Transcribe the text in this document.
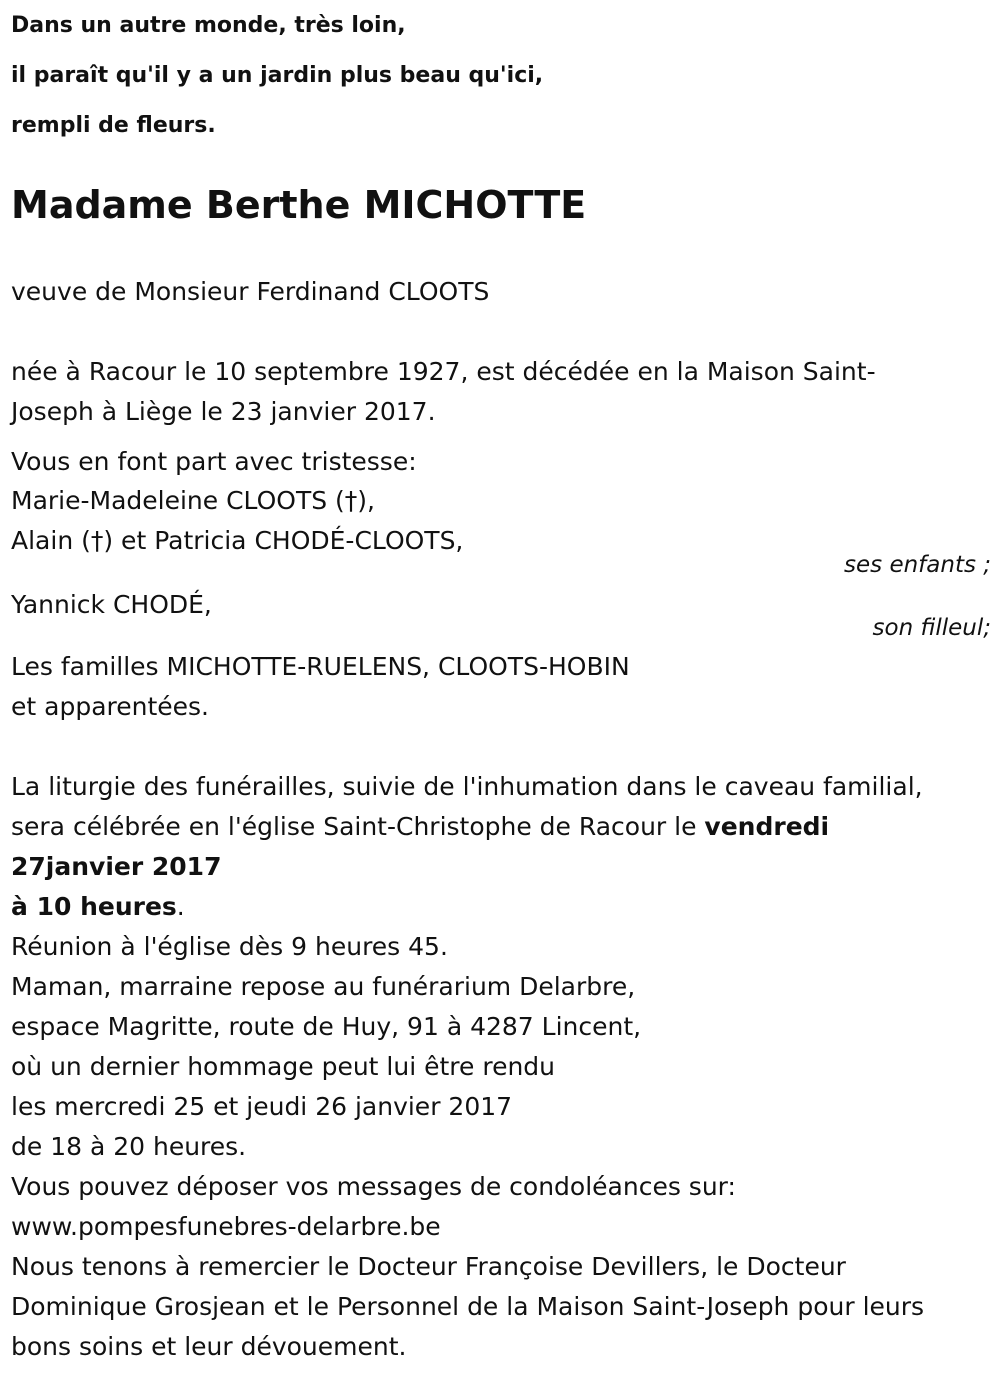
Dans un autre monde, très loin,
il paraît qu'il y a un jardin plus beau qu'ici,
rempli de fleurs.
Madame Berthe MICHOTTE
veuve de Monsieur Ferdinand CLOOTS
née à Racour le 10 septembre 1927, est décédée en la Maison Saint-
Joseph à Liège le 23 janvier 2017.
Vous en font part avec tristesse:
Marie-Madeleine CLOOTS (†),
Alain (†) et Patricia CHODÉ-CLOOTS,
ses enfants ;
Yannick CHODÉ,
son filleul;
Les familles MICHOTTE-RUELENS, CLOOTS-HOBIN
et apparentées.
La liturgie des funérailles, suivie de l'inhumation dans le caveau familial,
sera célébrée en l'église Saint-Christophe de Racour le vendredi
27janvier 2017
à 10 heures.
Réunion à l'église dès 9 heures 45.
Maman, marraine repose au funérarium Delarbre,
espace Magritte, route de Huy, 91 à 4287 Lincent,
où un dernier hommage peut lui être rendu
les mercredi 25 et jeudi 26 janvier 2017
de 18 à 20 heures.
Vous pouvez déposer vos messages de condoléances sur:
www.pompesfunebres-delarbre.be
Nous tenons à remercier le Docteur Françoise Devillers, le Docteur
Dominique Grosjean et le Personnel de la Maison Saint-Joseph pour leurs
bons soins et leur dévouement.
